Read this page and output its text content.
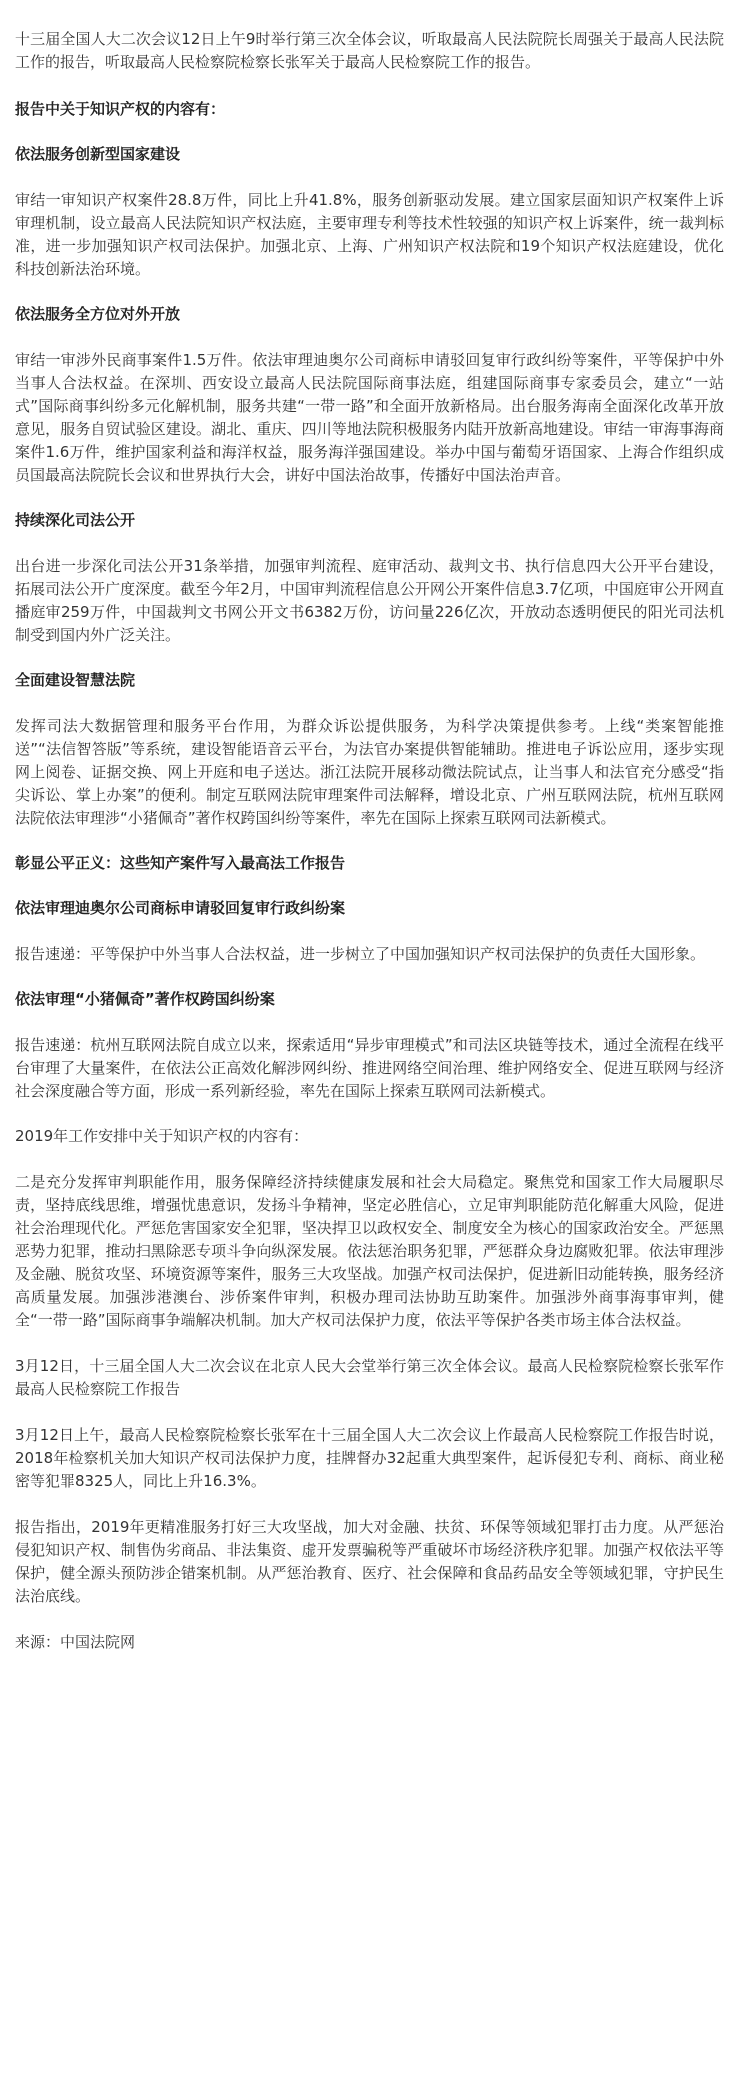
十三届全国人大二次会议12日上午9时举行第三次全体会议，听取最高人民法院院长周强关于最高人民法院工作的报告，听取最高人民检察院检察长张军关于最高人民检察院工作的报告。

报告中关于知识产权的内容有：

依法服务创新型国家建设

审结一审知识产权案件28.8万件，同比上升41.8%，服务创新驱动发展。建立国家层面知识产权案件上诉审理机制，设立最高人民法院知识产权法庭，主要审理专利等技术性较强的知识产权上诉案件，统一裁判标准，进一步加强知识产权司法保护。加强北京、上海、广州知识产权法院和19个知识产权法庭建设，优化科技创新法治环境。

依法服务全方位对外开放

审结一审涉外民商事案件1.5万件。依法审理迪奥尔公司商标申请驳回复审行政纠纷等案件，平等保护中外当事人合法权益。在深圳、西安设立最高人民法院国际商事法庭，组建国际商事专家委员会，建立“一站式”国际商事纠纷多元化解机制，服务共建“一带一路”和全面开放新格局。出台服务海南全面深化改革开放意见，服务自贸试验区建设。湖北、重庆、四川等地法院积极服务内陆开放新高地建设。审结一审海事海商案件1.6万件，维护国家利益和海洋权益，服务海洋强国建设。举办中国与葡萄牙语国家、上海合作组织成员国最高法院院长会议和世界执行大会，讲好中国法治故事，传播好中国法治声音。

持续深化司法公开

出台进一步深化司法公开31条举措，加强审判流程、庭审活动、裁判文书、执行信息四大公开平台建设，拓展司法公开广度深度。截至今年2月，中国审判流程信息公开网公开案件信息3.7亿项，中国庭审公开网直播庭审259万件，中国裁判文书网公开文书6382万份，访问量226亿次，开放动态透明便民的阳光司法机制受到国内外广泛关注。

全面建设智慧法院

发挥司法大数据管理和服务平台作用，为群众诉讼提供服务，为科学决策提供参考。上线“类案智能推送”“法信智答版”等系统，建设智能语音云平台，为法官办案提供智能辅助。推进电子诉讼应用，逐步实现网上阅卷、证据交换、网上开庭和电子送达。浙江法院开展移动微法院试点，让当事人和法官充分感受“指尖诉讼、掌上办案”的便利。制定互联网法院审理案件司法解释，增设北京、广州互联网法院，杭州互联网法院依法审理涉“小猪佩奇”著作权跨国纠纷等案件，率先在国际上探索互联网司法新模式。

彰显公平正义：这些知产案件写入最高法工作报告

依法审理迪奥尔公司商标申请驳回复审行政纠纷案

报告速递：平等保护中外当事人合法权益，进一步树立了中国加强知识产权司法保护的负责任大国形象。

依法审理“小猪佩奇”著作权跨国纠纷案

报告速递：杭州互联网法院自成立以来，探索适用“异步审理模式”和司法区块链等技术，通过全流程在线平台审理了大量案件，在依法公正高效化解涉网纠纷、推进网络空间治理、维护网络安全、促进互联网与经济社会深度融合等方面，形成一系列新经验，率先在国际上探索互联网司法新模式。

2019年工作安排中关于知识产权的内容有：

二是充分发挥审判职能作用，服务保障经济持续健康发展和社会大局稳定。聚焦党和国家工作大局履职尽责，坚持底线思维，增强忧患意识，发扬斗争精神，坚定必胜信心，立足审判职能防范化解重大风险，促进社会治理现代化。严惩危害国家安全犯罪，坚决捍卫以政权安全、制度安全为核心的国家政治安全。严惩黑恶势力犯罪，推动扫黑除恶专项斗争向纵深发展。依法惩治职务犯罪，严惩群众身边腐败犯罪。依法审理涉及金融、脱贫攻坚、环境资源等案件，服务三大攻坚战。加强产权司法保护，促进新旧动能转换，服务经济高质量发展。加强涉港澳台、涉侨案件审判，积极办理司法协助互助案件。加强涉外商事海事审判，健全“一带一路”国际商事争端解决机制。加大产权司法保护力度，依法平等保护各类市场主体合法权益。

3月12日，十三届全国人大二次会议在北京人民大会堂举行第三次全体会议。最高人民检察院检察长张军作最高人民检察院工作报告

3月12日上午，最高人民检察院检察长张军在十三届全国人大二次会议上作最高人民检察院工作报告时说，2018年检察机关加大知识产权司法保护力度，挂牌督办32起重大典型案件，起诉侵犯专利、商标、商业秘密等犯罪8325人，同比上升16.3%。

报告指出，2019年更精准服务打好三大攻坚战，加大对金融、扶贫、环保等领域犯罪打击力度。从严惩治侵犯知识产权、制售伪劣商品、非法集资、虚开发票骗税等严重破坏市场经济秩序犯罪。加强产权依法平等保护，健全源头预防涉企错案机制。从严惩治教育、医疗、社会保障和食品药品安全等领域犯罪，守护民生法治底线。

来源：中国法院网
